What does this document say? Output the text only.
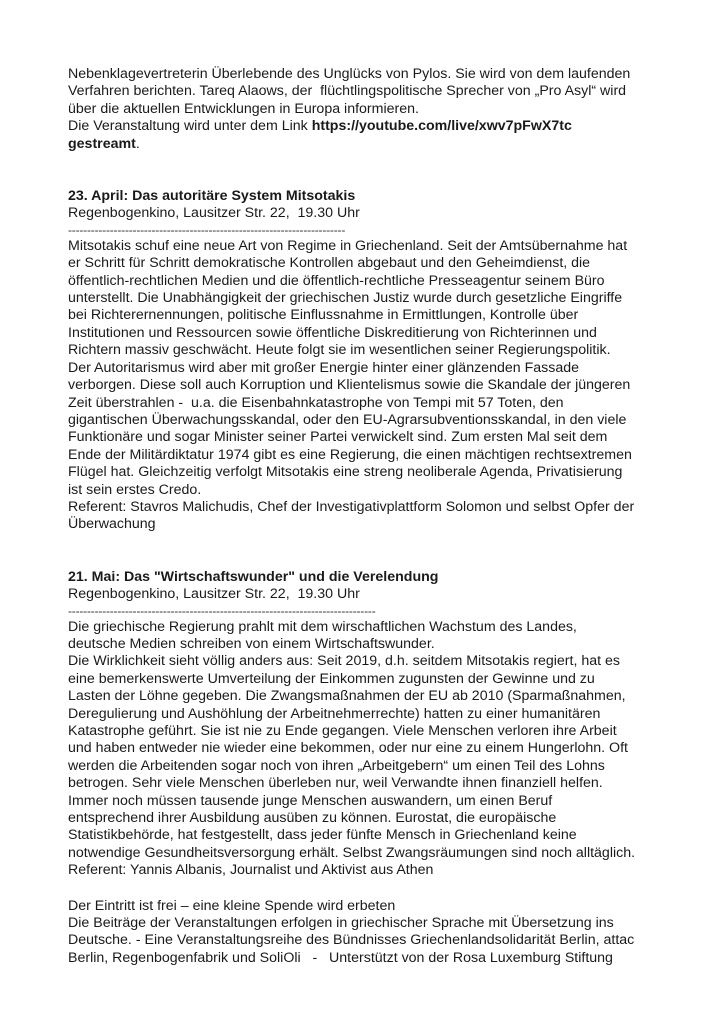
Nebenklagevertreterin Überlebende des Unglücks von Pylos. Sie wird von dem laufenden
Verfahren berichten. Tareq Alaows, der  flüchtlingspolitische Sprecher von „Pro Asyl“ wird
über die aktuellen Entwicklungen in Europa informieren.
Die Veranstaltung wird unter dem Link https://youtube.com/live/xwv7pFwX7tc
gestreamt.
23. April: Das autoritäre System Mitsotakis
Regenbogenkino, Lausitzer Str. 22,  19.30 Uhr
-------------------------------------------------------------------------
Mitsotakis schuf eine neue Art von Regime in Griechenland. Seit der Amtsübernahme hat
er Schritt für Schritt demokratische Kontrollen abgebaut und den Geheimdienst, die
öffentlich-rechtlichen Medien und die öffentlich-rechtliche Presseagentur seinem Büro
unterstellt. Die Unabhängigkeit der griechischen Justiz wurde durch gesetzliche Eingriffe
bei Richterernennungen, politische Einflussnahme in Ermittlungen, Kontrolle über
Institutionen und Ressourcen sowie öffentliche Diskreditierung von Richterinnen und
Richtern massiv geschwächt. Heute folgt sie im wesentlichen seiner Regierungspolitik.
Der Autoritarismus wird aber mit großer Energie hinter einer glänzenden Fassade
verborgen. Diese soll auch Korruption und Klientelismus sowie die Skandale der jüngeren
Zeit überstrahlen -  u.a. die Eisenbahnkatastrophe von Tempi mit 57 Toten, den
gigantischen Überwachungsskandal, oder den EU-Agrarsubventionsskandal, in den viele
Funktionäre und sogar Minister seiner Partei verwickelt sind. Zum ersten Mal seit dem
Ende der Militärdiktatur 1974 gibt es eine Regierung, die einen mächtigen rechtsextremen
Flügel hat. Gleichzeitig verfolgt Mitsotakis eine streng neoliberale Agenda, Privatisierung
ist sein erstes Credo.
Referent: Stavros Malichudis, Chef der Investigativplattform Solomon und selbst Opfer der
Überwachung
21. Mai: Das "Wirtschaftswunder" und die Verelendung
Regenbogenkino, Lausitzer Str. 22,  19.30 Uhr
---------------------------------------------------------------------------------
Die griechische Regierung prahlt mit dem wirschaftlichen Wachstum des Landes,
deutsche Medien schreiben von einem Wirtschaftswunder.
Die Wirklichkeit sieht völlig anders aus: Seit 2019, d.h. seitdem Mitsotakis regiert, hat es
eine bemerkenswerte Umverteilung der Einkommen zugunsten der Gewinne und zu
Lasten der Löhne gegeben. Die Zwangsmaßnahmen der EU ab 2010 (Sparmaßnahmen,
Deregulierung und Aushöhlung der Arbeitnehmerrechte) hatten zu einer humanitären
Katastrophe geführt. Sie ist nie zu Ende gegangen. Viele Menschen verloren ihre Arbeit
und haben entweder nie wieder eine bekommen, oder nur eine zu einem Hungerlohn. Oft
werden die Arbeitenden sogar noch von ihren „Arbeitgebern“ um einen Teil des Lohns
betrogen. Sehr viele Menschen überleben nur, weil Verwandte ihnen finanziell helfen.
Immer noch müssen tausende junge Menschen auswandern, um einen Beruf
entsprechend ihrer Ausbildung ausüben zu können. Eurostat, die europäische
Statistikbehörde, hat festgestellt, dass jeder fünfte Mensch in Griechenland keine
notwendige Gesundheitsversorgung erhält. Selbst Zwangsräumungen sind noch alltäglich.
Referent: Yannis Albanis, Journalist und Aktivist aus Athen
Der Eintritt ist frei – eine kleine Spende wird erbeten
Die Beiträge der Veranstaltungen erfolgen in griechischer Sprache mit Übersetzung ins
Deutsche. - Eine Veranstaltungsreihe des Bündnisses Griechenlandsolidarität Berlin, attac
Berlin, Regenbogenfabrik und SoliOli   -   Unterstützt von der Rosa Luxemburg Stiftung
